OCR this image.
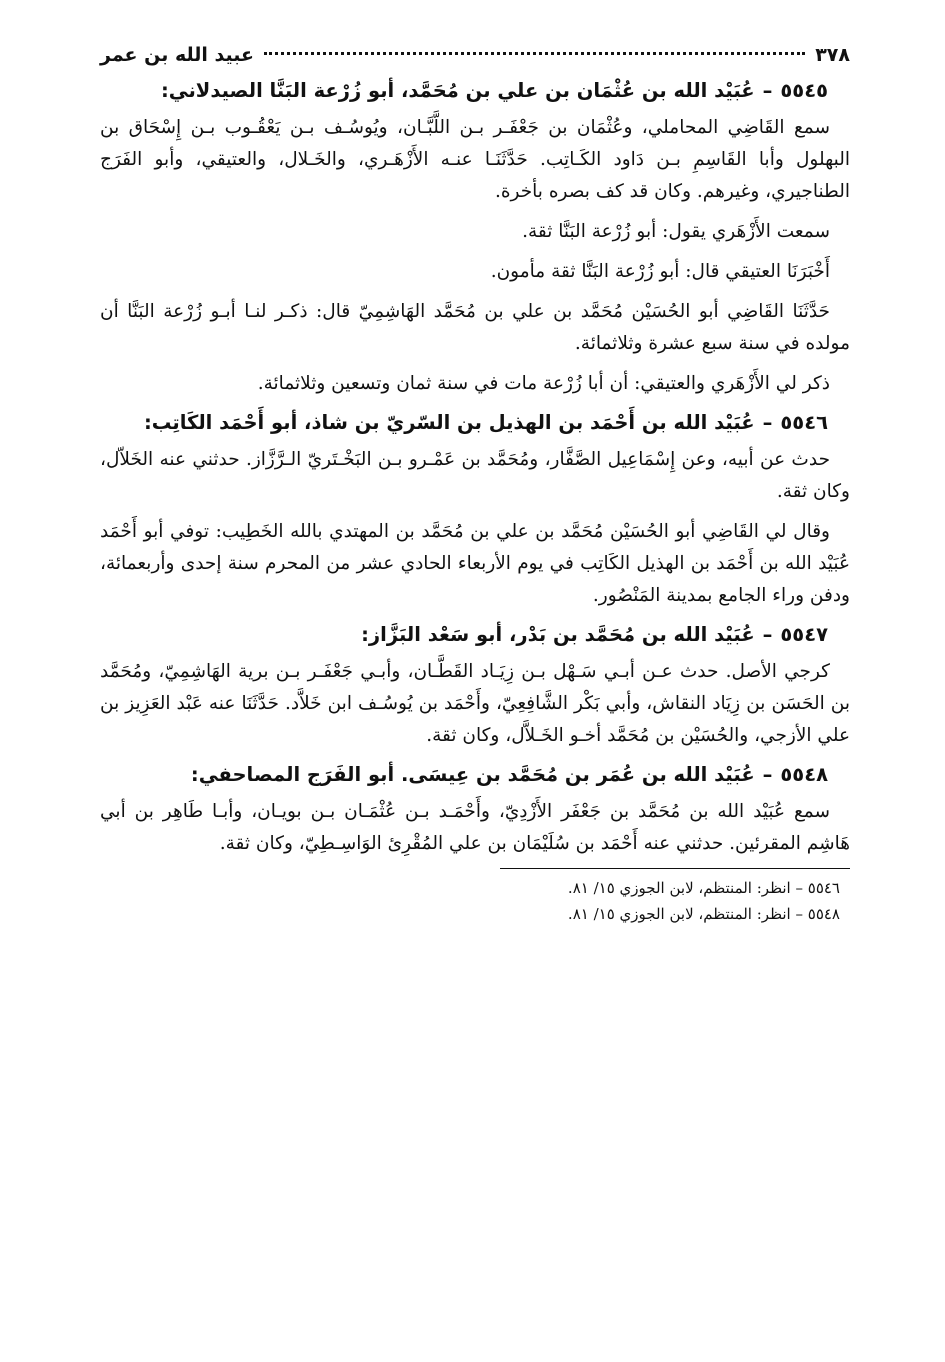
٣٧٨
عبيد الله بن عمر
٥٥٤٥–عُبَيْد الله بن عُثْمَان بن علي بن مُحَمَّد، أبو زُرْعة البَنَّا الصيدلاني:

سمع القَاضِي المحاملي، وعُثْمَان بن جَعْفَـر بـن اللَّبَّـان، ويُوسُـف بـن يَعْقُـوب بـن إِسْحَاق بن البهلول وأبا القَاسِمِ بـن دَاود الكَـاتِب. حَدَّثَنَـا عنـه الأَزْهَـري، والخَـلال، والعتيقي، وأبو الفَرَج الطناجيري، وغيرهم. وكان قد كف بصره بأخرة.

سمعت الأَزْهَري يقول: أبو زُرْعة البَنَّا ثقة.

أَخْبَرَنَا العتيقي قال: أبو زُرْعة البَنَّا ثقة مأمون.

حَدَّثَنَا القَاضِي أبو الحُسَيْن مُحَمَّد بن علي بن مُحَمَّد الهَاشِمِيّ قال: ذكـر لنـا أبـو زُرْعة البَنَّا أن مولده في سنة سبع عشرة وثلاثمائة.

ذكر لي الأَزْهَري والعتيقي: أن أبا زُرْعة مات في سنة ثمان وتسعين وثلاثمائة.

٥٥٤٦–عُبَيْد الله بن أَحْمَد بن الهذيل بن السّريّ بن شاذ، أبو أَحْمَد الكَاتِب:

حدث عن أبيه، وعن إِسْمَاعِيل الصَّفَّار، ومُحَمَّد بن عَمْـرو بـن البَخْـتَريّ الـرَّزَّاز. حدثني عنه الخَلاّل، وكان ثقة.

وقال لي القَاضِي أبو الحُسَيْن مُحَمَّد بن علي بن مُحَمَّد بن المهتدي بالله الخَطِيب: توفي أبو أَحْمَد عُبَيْد الله بن أَحْمَد بن الهذيل الكَاتِب في يوم الأربعاء الحادي عشر من المحرم سنة إحدى وأربعمائة، ودفن وراء الجامع بمدينة المَنْصُور.

٥٥٤٧–عُبَيْد الله بن مُحَمَّد بن بَدْر، أبو سَعْد البَزَّاز:

كرجي الأصل. حدث عـن أبـي سَـهْل بـن زِيَـاد القَطَّـان، وأبـي جَعْفَـر بـن برية الهَاشِمِيّ، ومُحَمَّد بن الحَسَن بن زِيَاد النقاش، وأبي بَكْر الشَّافِعِيّ، وأَحْمَد بن يُوسُـف ابن خَلاَّد. حَدَّثَنَا عنه عَبْد العَزِيز بن علي الأزجي، والحُسَيْن بن مُحَمَّد أخـو الخَـلاَّل، وكان ثقة.

٥٥٤٨–عُبَيْد الله بن عُمَر بن مُحَمَّد بن عِيسَى. أبو الفَرَج المصاحفي:

سمع عُبَيْد الله بن مُحَمَّد بن جَعْفَر الأَزْدِيّ، وأَحْمَـد بـن عُثْمَـان بـن بويـان، وأبـا طَاهِر بن أبي هَاشِم المقرئين. حدثني عنه أَحْمَد بن سُلَيْمَان بن علي المُقْرِئ الوَاسِـطِيّ، وكان ثقة.

٥٥٤٦ – انظر: المنتظم، لابن الجوزي ١٥/ ٨١.
٥٥٤٨ – انظر: المنتظم، لابن الجوزي ١٥/ ٨١.
